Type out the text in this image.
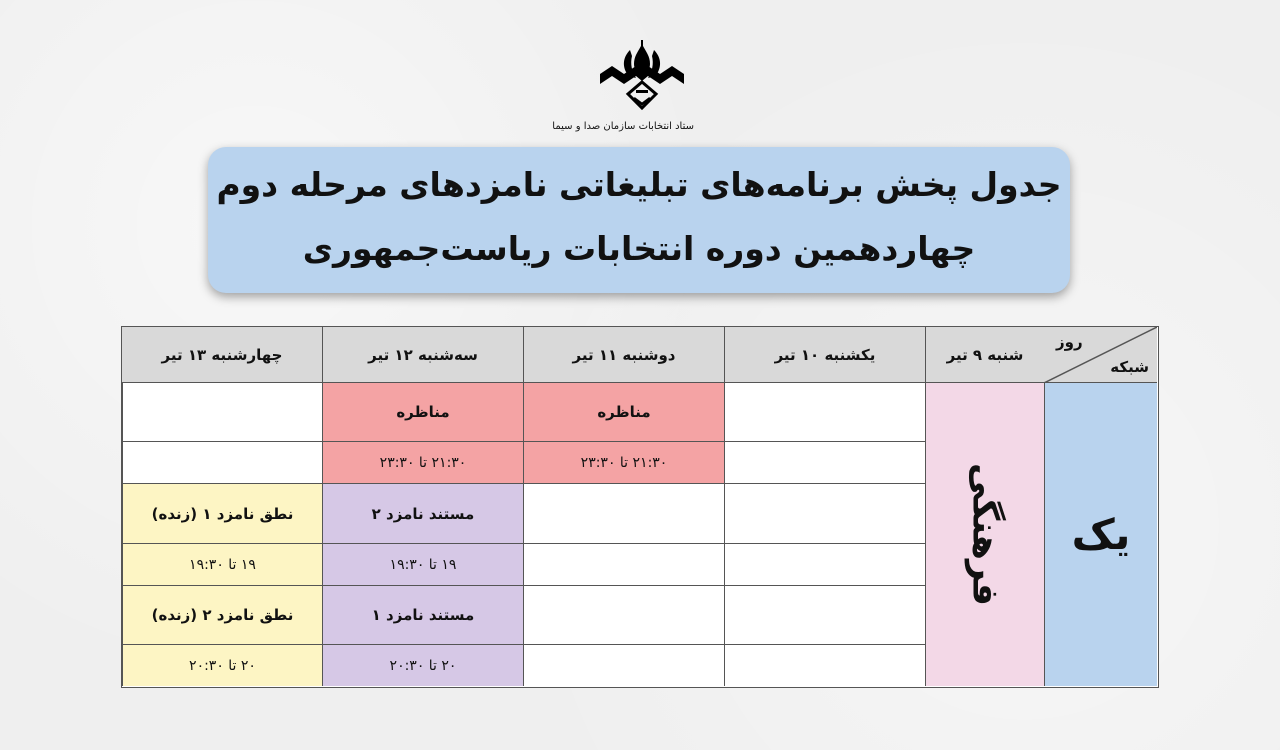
ستاد انتخابات سازمان صدا و سیما
جدول پخش برنامه‌های تبلیغاتی نامزدهای مرحله دوم
چهاردهمین دوره انتخابات ریاست‌جمهوری
روز
شبکه
شنبه ۹ تیر
یکشنبه ۱۰ تیر
دوشنبه ۱۱ تیر
سه‌شنبه ۱۲ تیر
چهارشنبه ۱۳ تیر
یک
فرهنگی
مناظره
۲۱:۳۰ تا ۲۳:۳۰
مناظره
۲۱:۳۰ تا ۲۳:۳۰
مستند نامزد ۲
۱۹ تا ۱۹:۳۰
مستند نامزد ۱
۲۰ تا ۲۰:۳۰
نطق نامزد ۱ (زنده)
۱۹ تا ۱۹:۳۰
نطق نامزد ۲ (زنده)
۲۰ تا ۲۰:۳۰
